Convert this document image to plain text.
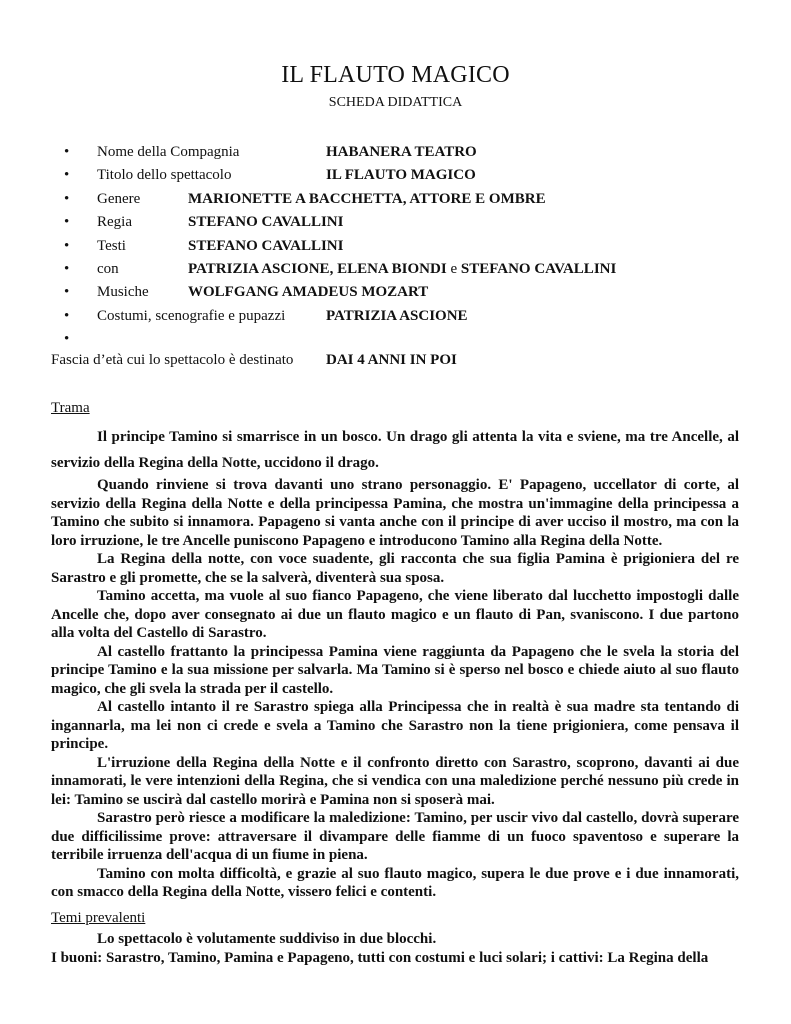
IL FLAUTO MAGICO
SCHEDA DIDATTICA
• Nome della Compagnia	HABANERA TEATRO
• Titolo dello spettacolo	IL FLAUTO MAGICO
• Genere	MARIONETTE A BACCHETTA, ATTORE E OMBRE
• Regia	STEFANO CAVALLINI
• Testi	STEFANO CAVALLINI
• con	PATRIZIA ASCIONE, ELENA BIONDI e STEFANO CAVALLINI
• Musiche	WOLFGANG AMADEUS MOZART
• Costumi, scenografie e pupazzi	PATRIZIA ASCIONE
•
Fascia d’età cui lo spettacolo è destinato DAI 4 ANNI IN POI
Trama

Il principe Tamino si smarrisce in un bosco. Un drago gli attenta la vita e sviene, ma tre Ancelle, al servizio della Regina della Notte, uccidono il drago.

Quando rinviene si trova davanti uno strano personaggio. E' Papageno, uccellator di corte, al servizio della Regina della Notte e della principessa Pamina, che mostra un'immagine della principessa a Tamino che subito si innamora. Papageno si vanta anche con il principe di aver ucciso il mostro, ma con la loro irruzione, le tre Ancelle puniscono Papageno e introducono Tamino alla Regina della Notte.

La Regina della notte, con voce suadente, gli racconta che sua figlia Pamina è prigioniera del re Sarastro e gli promette, che se la salverà, diventerà sua sposa.

Tamino accetta, ma vuole al suo fianco Papageno, che viene liberato dal lucchetto impostogli dalle Ancelle che, dopo aver consegnato ai due un flauto magico e un flauto di Pan, svaniscono. I due partono alla volta del Castello di Sarastro.

Al castello frattanto la principessa Pamina viene raggiunta da Papageno che le svela la storia del principe Tamino e la sua missione per salvarla. Ma Tamino si è sperso nel bosco e chiede aiuto al suo flauto magico, che gli svela la strada per il castello.

Al castello intanto il re Sarastro spiega alla Principessa che in realtà è sua madre sta tentando di ingannarla, ma lei non ci crede e svela a Tamino che Sarastro non la tiene prigioniera, come pensava il principe.

L'irruzione della Regina della Notte e il confronto diretto con Sarastro, scoprono, davanti ai due innamorati, le vere intenzioni della Regina, che si vendica con una maledizione perché nessuno più crede in lei: Tamino se uscirà dal castello morirà e Pamina non si sposerà mai.

Sarastro però riesce a modificare la maledizione: Tamino, per uscir vivo dal castello, dovrà superare due difficilissime prove: attraversare il divampare delle fiamme di un fuoco spaventoso e superare la terribile irruenza dell'acqua di un fiume in piena.

Tamino con molta difficoltà, e grazie al suo flauto magico, supera le due prove e i due innamorati, con smacco della Regina della Notte, vissero felici e contenti.

Temi prevalenti

Lo spettacolo è volutamente suddiviso in due blocchi.

I buoni: Sarastro, Tamino, Pamina e Papageno, tutti con costumi e luci solari; i cattivi: La Regina della
